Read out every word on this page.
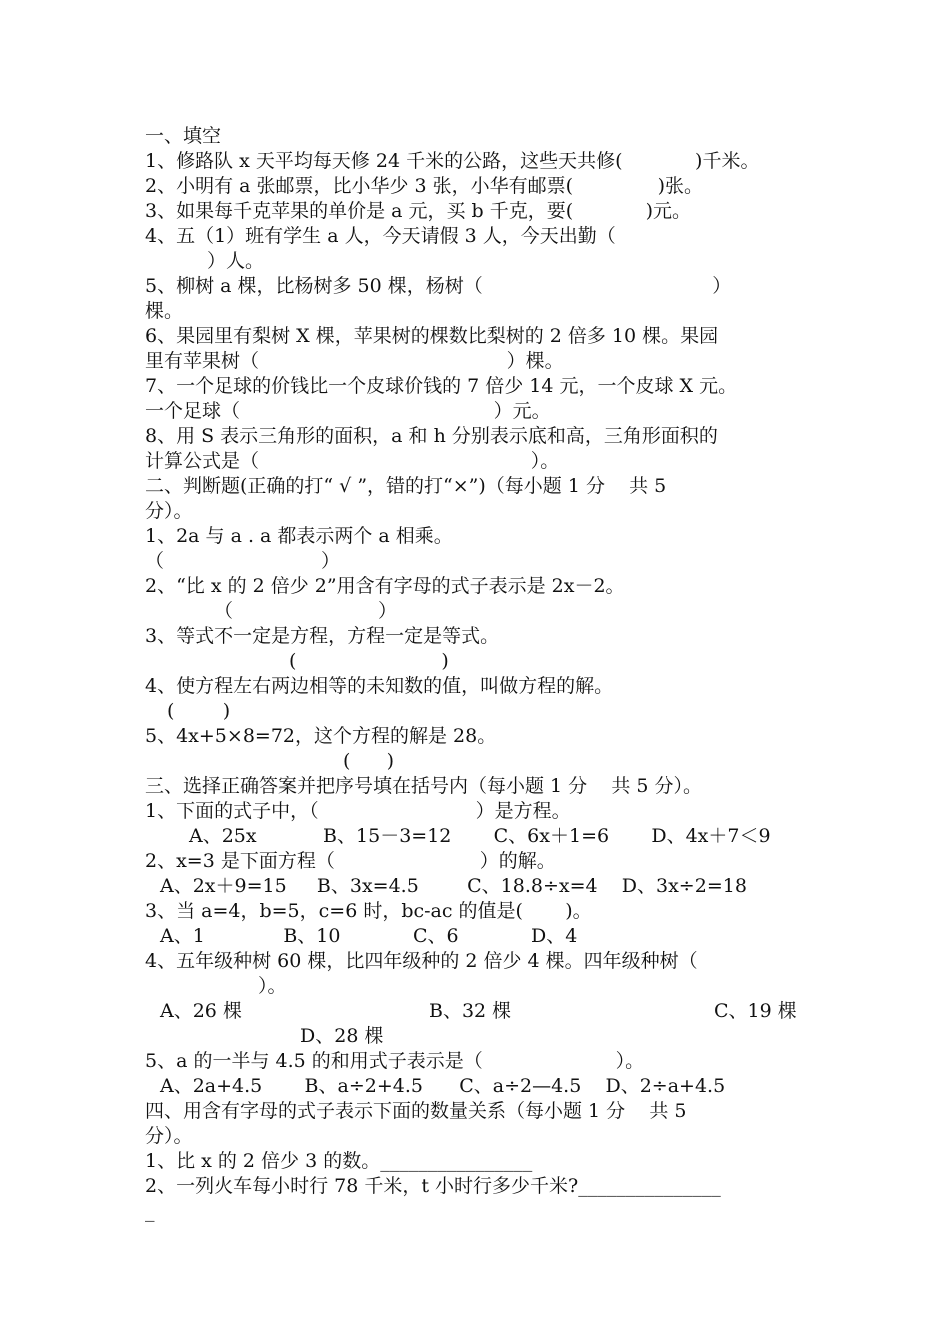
一、填空
1、修路队 x 天平均每天修 24 千米的公路，这些天共修(            )千米。
2、小明有 a 张邮票，比小华少 3 张，小华有邮票(              )张。
3、如果每千克苹果的单价是 a 元，买 b 千克，要(            )元。
4、五（1）班有学生 a 人，今天请假 3 人，今天出勤（
）人。
5、柳树 a 棵，比杨树多 50 棵，杨树（                                      ）
棵。
6、果园里有梨树 X 棵，苹果树的棵数比梨树的 2 倍多 10 棵。果园
里有苹果树（                                         ）棵。
7、一个足球的价钱比一个皮球价钱的 7 倍少 14 元，一个皮球 X 元。
一个足球（                                          ）元。
8、用 S 表示三角形的面积，a 和 h 分别表示底和高，三角形面积的
计算公式是（                                             ）。
二、判断题(正确的打“ √ ”，错的打“×”)（每小题 1 分    共 5
分）。
1、2a 与 a . a 都表示两个 a 相乘。
（                          ）
2、“比 x 的 2 倍少 2”用含有字母的式子表示是 2x－2。
（                        ）
3、等式不一定是方程，方程一定是等式。
(                        )
4、使方程左右两边相等的未知数的值，叫做方程的解。
(        )
5、4x+5×8=72，这个方程的解是 28。
(      )
三、选择正确答案并把序号填在括号内（每小题 1 分    共 5 分）。
1、下面的式子中，（                          ）是方程。
A、25x           B、15－3=12       C、6x＋1=6       D、4x＋7＜9
2、x=3 是下面方程（                        ）的解。
A、2x＋9=15     B、3x=4.5        C、18.8÷x=4    D、3x÷2=18
3、当 a=4，b=5，c=6 时，bc-ac 的值是(       )。
A、1             B、10            C、6            D、4
4、五年级种树 60 棵，比四年级种的 2 倍少 4 棵。四年级种树（
）。
A、26 棵	B、32 棵	C、19 棵
D、28 棵
5、a 的一半与 4.5 的和用式子表示是（                      ）。
A、2a+4.5       B、a÷2+4.5      C、a÷2—4.5    D、2÷a+4.5
四、用含有字母的式子表示下面的数量关系（每小题 1 分    共 5
分）。
1、比 x 的 2 倍少 3 的数。________________
2、一列火车每小时行 78 千米，t 小时行多少千米?_______________
_
